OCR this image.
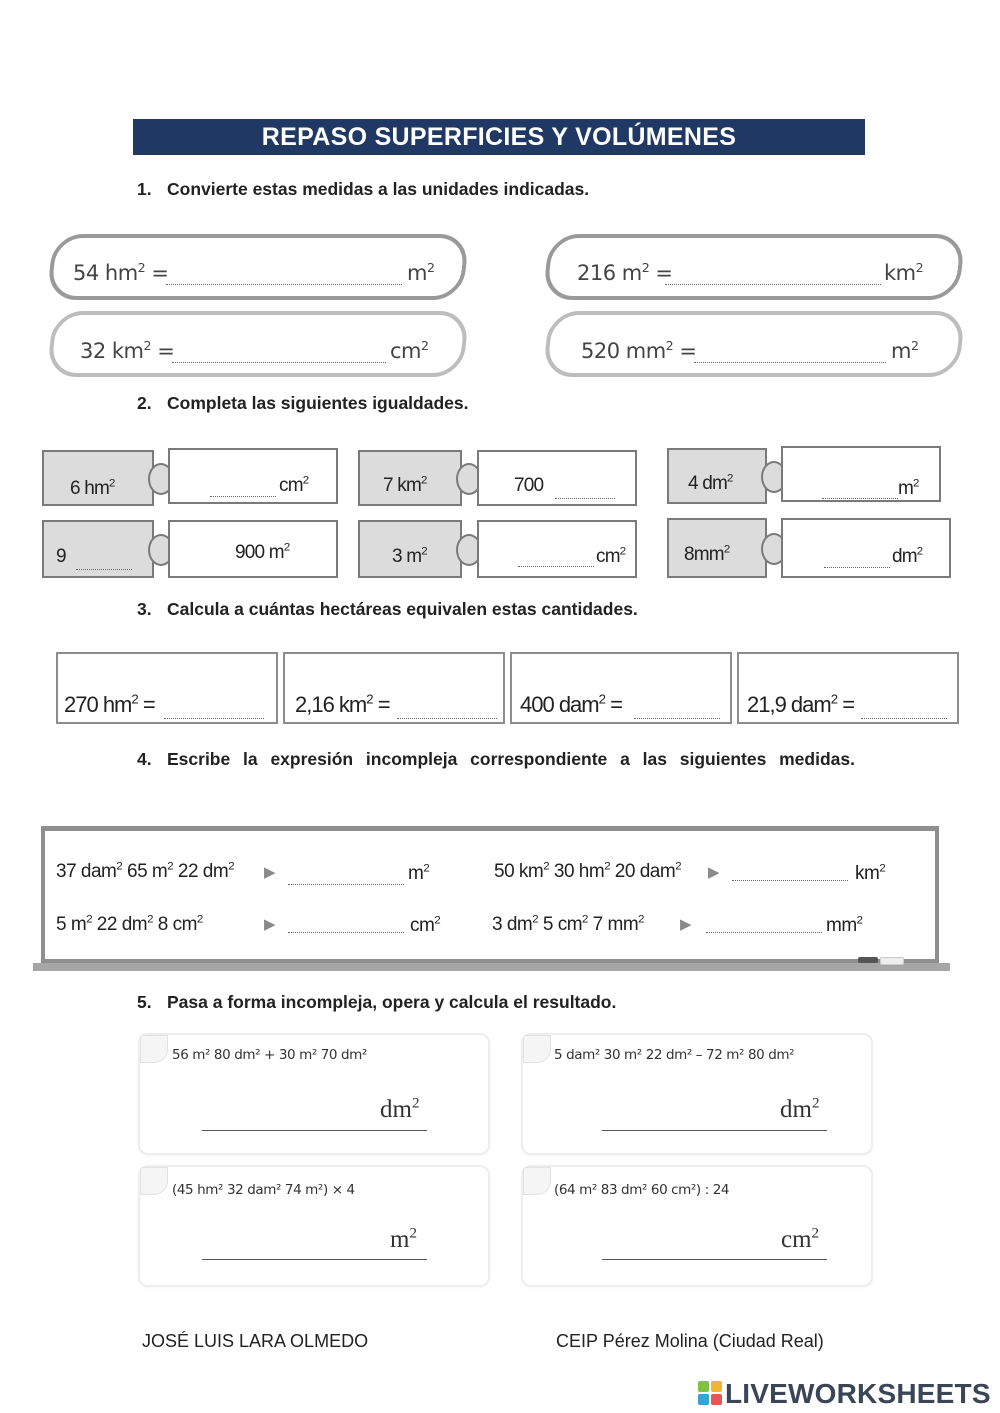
REPASO SUPERFICIES Y VOLÚMENES
1. Convierte estas medidas a las unidades indicadas.
54 $hm^2$ =	$m^2$	216 $m^2$ =	$km^2$
32 $km^2$ =	$cm^2$	520 $mm^2$ =	$m^2$
2. Completa las siguientes igualdades.
6 $hm^2$	$cm^2$	7 $km^2$	700	4 $dm^2$	$m^2$
9	900 $m^2$	3 $m^2$	$cm^2$	$8mm^2$	$dm^2$
3. Calcula a cuántas hectáreas equivalen estas cantidades.
270 $hm^2$ =	2,16 $km^2$ =	400 dam$^2$ =	21,9 dam$^2$ =
4. Escribe la expresión incompleja correspondiente a las siguientes medidas.
37 dam$^2$ 65 $m^2$ 22 $dm^2$ ▶	$m^2$	50 $km^2$ 30 $hm^2$ 20 dam$^2$ ▶	$km^2$
5 $m^2$ 22 $dm^2$ 8 $cm^2$	▶	$cm^2$	3 $dm^2$ 5 $cm^2$ 7 $mm^2$ ▶	$mm^2$
5. Pasa a forma incompleja, opera y calcula el resultado.
56 m² 80 dm² + 30 m² 70 dm²
$dm^2$
5 dam² 30 m² 22 dm² – 72 m² 80 dm²
$dm^2$
(45 hm² 32 dam² 74 m²) × 4
$m^2$
(64 m² 83 dm² 60 cm²) : 24
$cm^2$
JOSÉ LUIS LARA OLMEDO	CEIP Pérez Molina (Ciudad Real)
LIVEWORKSHEETS
